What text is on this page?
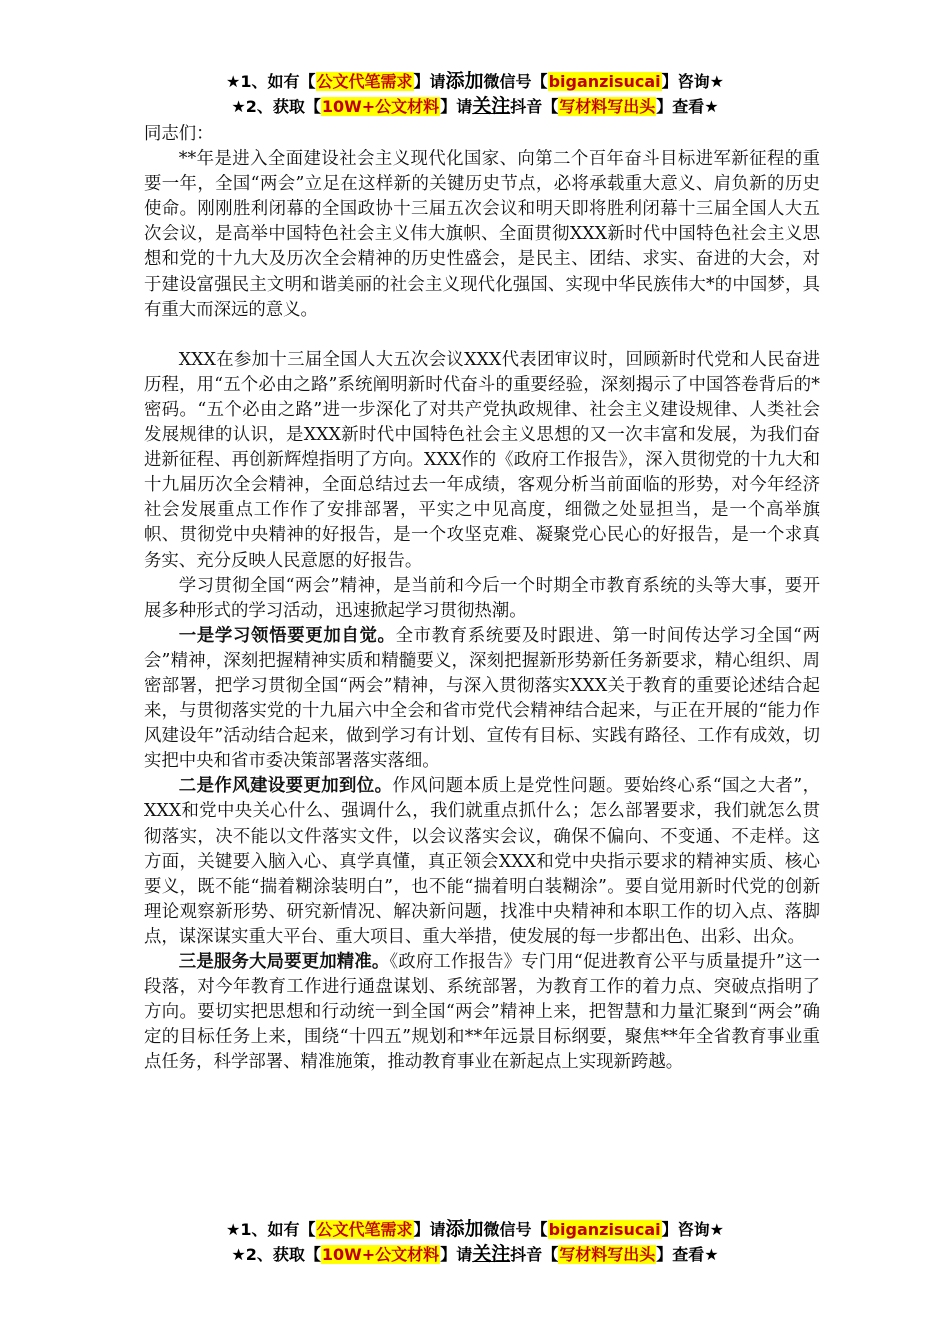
★1、如有【公文代笔需求】请添加微信号【biganzisucai】咨询★
★2、获取【10W+公文材料】请关注抖音【写材料写出头】查看★

同志们：

**年是进入全面建设社会主义现代化国家、向第二个百年奋斗目标进军新征程的重要一年，全国“两会”立足在这样新的关键历史节点，必将承载重大意义、肩负新的历史使命。刚刚胜利闭幕的全国政协十三届五次会议和明天即将胜利闭幕十三届全国人大五次会议，是高举中国特色社会主义伟大旗帜、全面贯彻XXX新时代中国特色社会主义思想和党的十九大及历次全会精神的历史性盛会，是民主、团结、求实、奋进的大会，对于建设富强民主文明和谐美丽的社会主义现代化强国、实现中华民族伟大*的中国梦，具有重大而深远的意义。

XXX在参加十三届全国人大五次会议XXX代表团审议时，回顾新时代党和人民奋进历程，用“五个必由之路”系统阐明新时代奋斗的重要经验，深刻揭示了中国答卷背后的*密码。“五个必由之路”进一步深化了对共产党执政规律、社会主义建设规律、人类社会发展规律的认识，是XXX新时代中国特色社会主义思想的又一次丰富和发展，为我们奋进新征程、再创新辉煌指明了方向。XXX作的《政府工作报告》，深入贯彻党的十九大和十九届历次全会精神，全面总结过去一年成绩，客观分析当前面临的形势，对今年经济社会发展重点工作作了安排部署，平实之中见高度，细微之处显担当，是一个高举旗帜、贯彻党中央精神的好报告，是一个攻坚克难、凝聚党心民心的好报告，是一个求真务实、充分反映人民意愿的好报告。

学习贯彻全国“两会”精神，是当前和今后一个时期全市教育系统的头等大事，要开展多种形式的学习活动，迅速掀起学习贯彻热潮。

一是学习领悟要更加自觉。全市教育系统要及时跟进、第一时间传达学习全国“两会”精神，深刻把握精神实质和精髓要义，深刻把握新形势新任务新要求，精心组织、周密部署，把学习贯彻全国“两会”精神，与深入贯彻落实XXX关于教育的重要论述结合起来，与贯彻落实党的十九届六中全会和省市党代会精神结合起来，与正在开展的“能力作风建设年”活动结合起来，做到学习有计划、宣传有目标、实践有路径、工作有成效，切实把中央和省市委决策部署落实落细。

二是作风建设要更加到位。作风问题本质上是党性问题。要始终心系“国之大者”，XXX和党中央关心什么、强调什么，我们就重点抓什么；怎么部署要求，我们就怎么贯彻落实，决不能以文件落实文件，以会议落实会议，确保不偏向、不变通、不走样。这方面，关键要入脑入心、真学真懂，真正领会XXX和党中央指示要求的精神实质、核心要义，既不能“揣着糊涂装明白”，也不能“揣着明白装糊涂”。要自觉用新时代党的创新理论观察新形势、研究新情况、解决新问题，找准中央精神和本职工作的切入点、落脚点，谋深谋实重大平台、重大项目、重大举措，使发展的每一步都出色、出彩、出众。

三是服务大局要更加精准。《政府工作报告》专门用“促进教育公平与质量提升”这一段落，对今年教育工作进行通盘谋划、系统部署，为教育工作的着力点、突破点指明了方向。要切实把思想和行动统一到全国“两会”精神上来，把智慧和力量汇聚到“两会”确定的目标任务上来，围绕“十四五”规划和**年远景目标纲要，聚焦**年全省教育事业重点任务，科学部署、精准施策，推动教育事业在新起点上实现新跨越。

★1、如有【公文代笔需求】请添加微信号【biganzisucai】咨询★
★2、获取【10W+公文材料】请关注抖音【写材料写出头】查看★
